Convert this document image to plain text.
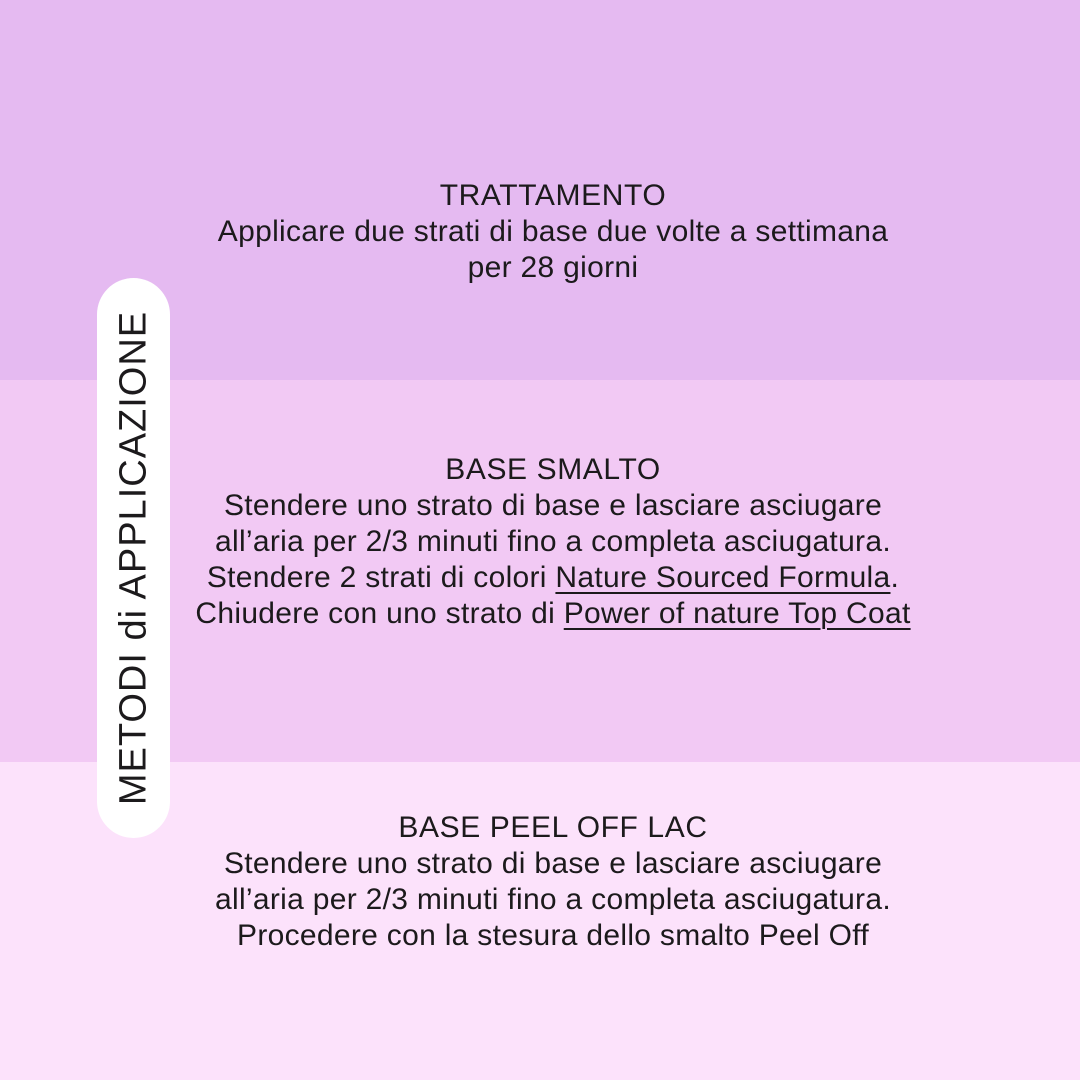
TRATTAMENTO
Applicare due strati di base due volte a settimana
per 28 giorni
BASE SMALTO
Stendere uno strato di base e lasciare asciugare
all’aria per 2/3 minuti fino a completa asciugatura.
Stendere 2 strati di colori Nature Sourced Formula.
Chiudere con uno strato di Power of nature Top Coat
BASE PEEL OFF LAC
Stendere uno strato di base e lasciare asciugare
all’aria per 2/3 minuti fino a completa asciugatura.
Procedere con la stesura dello smalto Peel Off
METODI di APPLICAZIONE
